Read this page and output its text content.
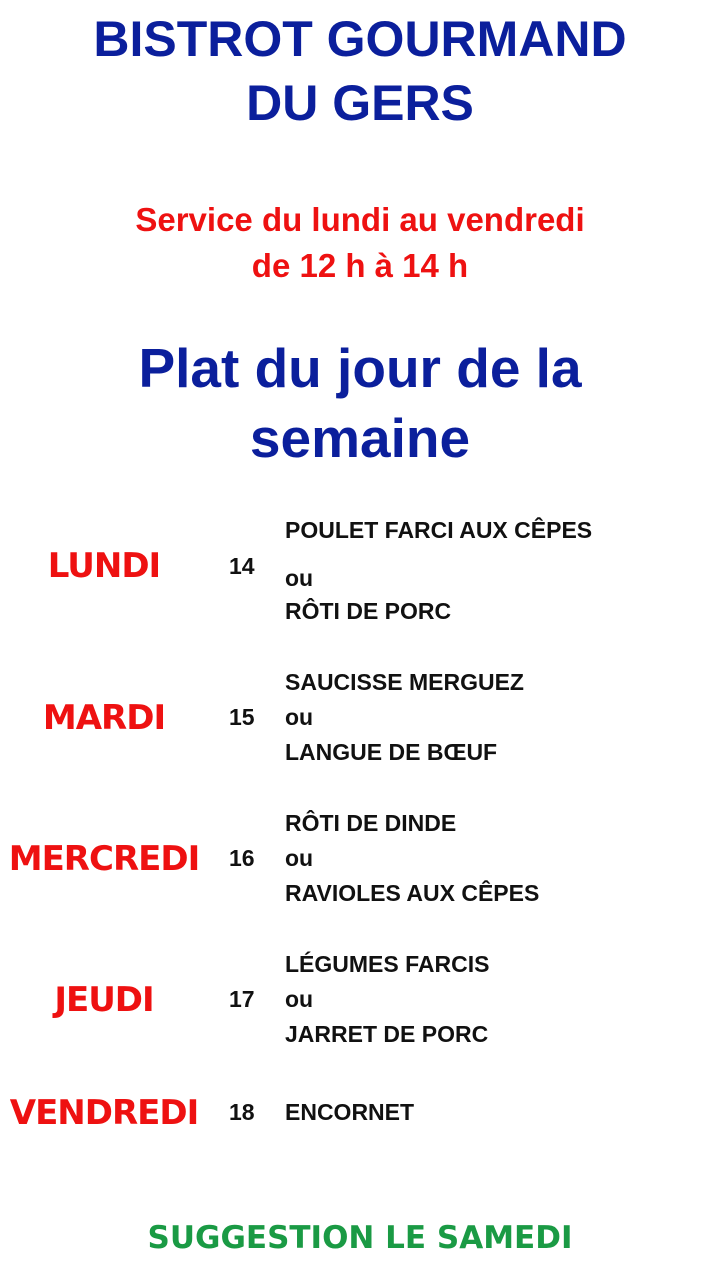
BISTROT GOURMAND
DU GERS

Service du lundi au vendredi

de 12 h à 14 h

Plat du jour de la
semaine
LUNDI	14
POULET FARCI AUX CÊPES
ou
RÔTI DE PORC
MARDI	15
SAUCISSE MERGUEZ
ou
LANGUE DE BŒUF
MERCREDI	16
RÔTI DE DINDE
ou
RAVIOLES AUX CÊPES
JEUDI	17
LÉGUMES FARCIS
ou
JARRET DE PORC
VENDREDI	18	ENCORNET
SUGGESTION LE SAMEDI
